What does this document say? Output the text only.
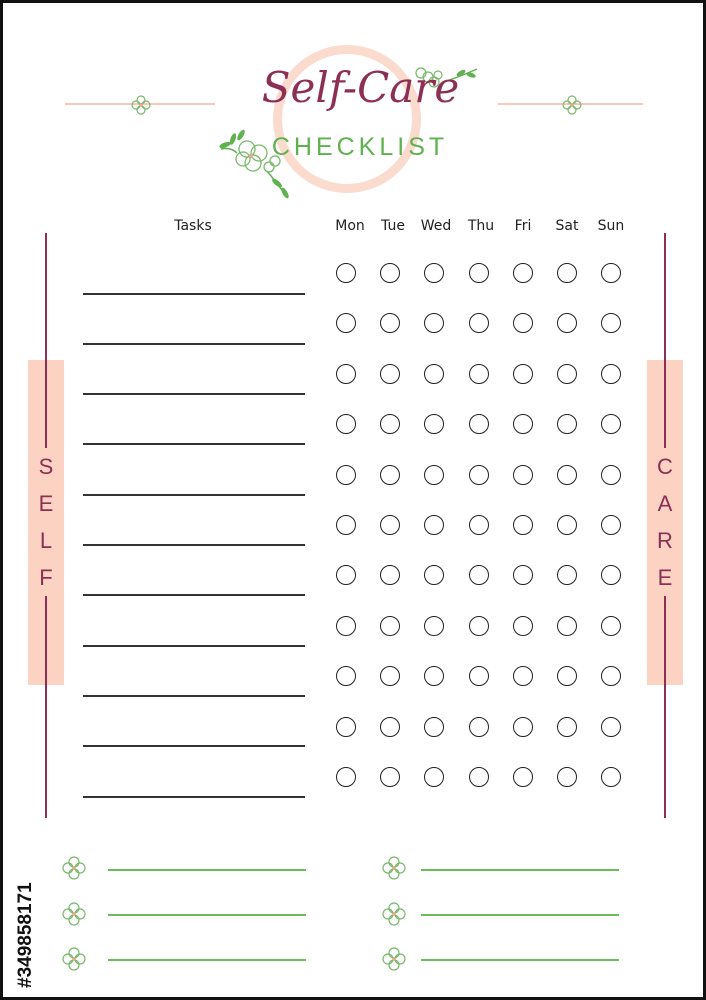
Self-Care
CHECKLIST
Tasks	Mon	Tue	Wed	Thu	Fri	Sat	Sun
S
E
L
F
C
A
R
E
#349858171
